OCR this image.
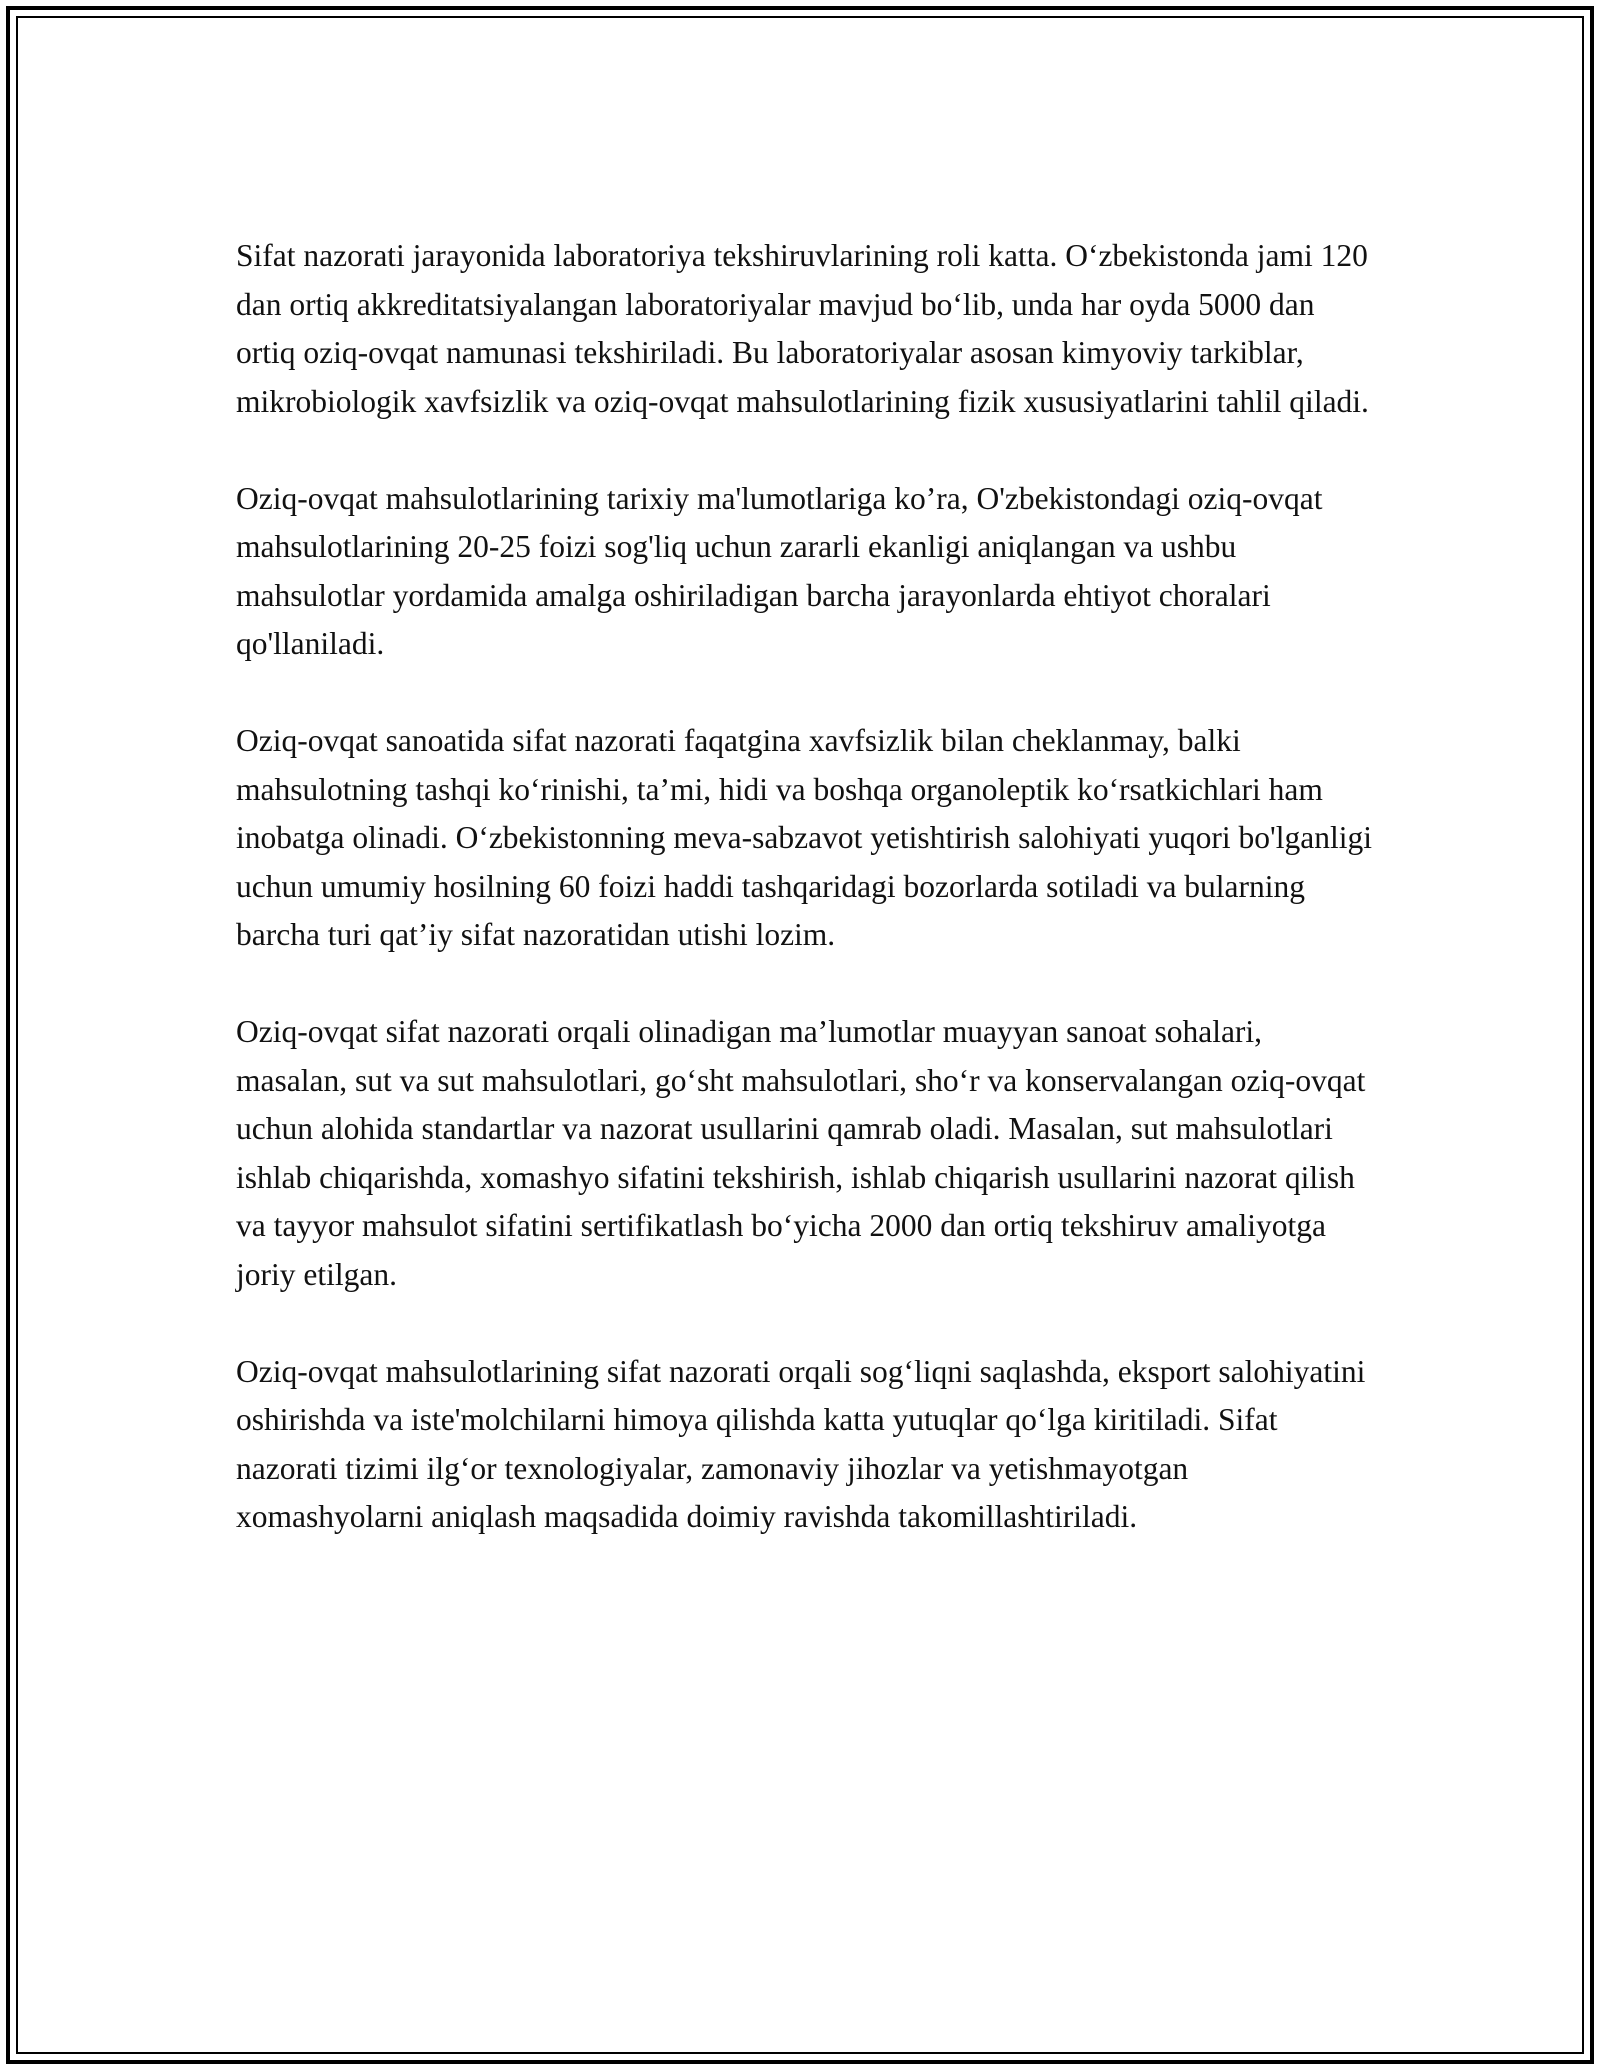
Sifat nazorati jarayonida laboratoriya tekshiruvlarining roli katta. O‘zbekistonda jami 120 dan ortiq akkreditatsiyalangan laboratoriyalar mavjud bo‘lib, unda har oyda 5000 dan ortiq oziq-ovqat namunasi tekshiriladi. Bu laboratoriyalar asosan kimyoviy tarkiblar, mikrobiologik xavfsizlik va oziq-ovqat mahsulotlarining fizik xususiyatlarini tahlil qiladi.

Oziq-ovqat mahsulotlarining tarixiy ma'lumotlariga ko’ra, O'zbekistondagi oziq-ovqat mahsulotlarining 20-25 foizi sog'liq uchun zararli ekanligi aniqlangan va ushbu mahsulotlar yordamida amalga oshiriladigan barcha jarayonlarda ehtiyot choralari qo'llaniladi.

Oziq-ovqat sanoatida sifat nazorati faqatgina xavfsizlik bilan cheklanmay, balki mahsulotning tashqi ko‘rinishi, ta’mi, hidi va boshqa organoleptik ko‘rsatkichlari ham inobatga olinadi. O‘zbekistonning meva-sabzavot yetishtirish salohiyati yuqori bo'lganligi uchun umumiy hosilning 60 foizi haddi tashqaridagi bozorlarda sotiladi va bularning barcha turi qat’iy sifat nazoratidan utishi lozim.

Oziq-ovqat sifat nazorati orqali olinadigan ma’lumotlar muayyan sanoat sohalari, masalan, sut va sut mahsulotlari, go‘sht mahsulotlari, sho‘r va konservalangan oziq-ovqat uchun alohida standartlar va nazorat usullarini qamrab oladi. Masalan, sut mahsulotlari ishlab chiqarishda, xomashyo sifatini tekshirish, ishlab chiqarish usullarini nazorat qilish va tayyor mahsulot sifatini sertifikatlash bo‘yicha 2000 dan ortiq tekshiruv amaliyotga joriy etilgan.

Oziq-ovqat mahsulotlarining sifat nazorati orqali sog‘liqni saqlashda, eksport salohiyatini oshirishda va iste'molchilarni himoya qilishda katta yutuqlar qo‘lga kiritiladi. Sifat nazorati tizimi ilg‘or texnologiyalar, zamonaviy jihozlar va yetishmayotgan xomashyolarni aniqlash maqsadida doimiy ravishda takomillashtiriladi.
